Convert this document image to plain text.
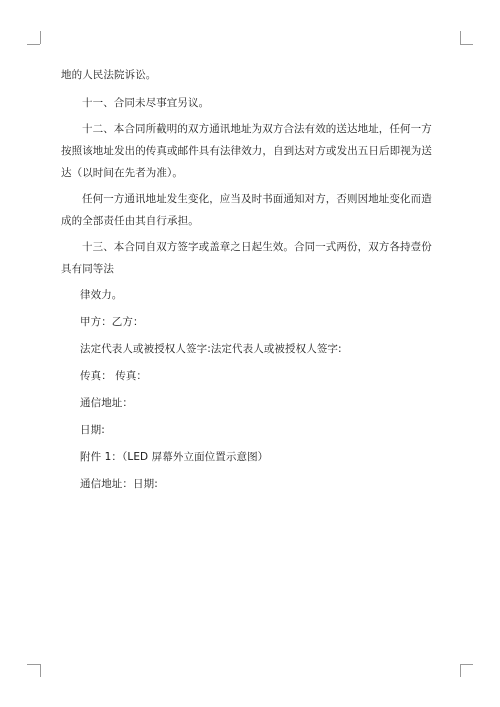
地的人民法院诉讼。

十一、合同未尽事宜另议。

十二、本合同所截明的双方通讯地址为双方合法有效的送达地址，任何一方按照该地址发出的传真或邮件具有法律效力，自到达对方或发出五日后即视为送达（以时间在先者为准）。

任何一方通讯地址发生变化，应当及时书面通知对方，否则因地址变化而造成的全部责任由其自行承担。

十三、本合同自双方签字或盖章之日起生效。合同一式两份，双方各持壹份具有同等法

律效力。

甲方：乙方：

法定代表人或被授权人签字:法定代表人或被授权人签字:

传真： 传真：

通信地址：

日期:

附件 1：（LED 屏幕外立面位置示意图）

通信地址：日期:
